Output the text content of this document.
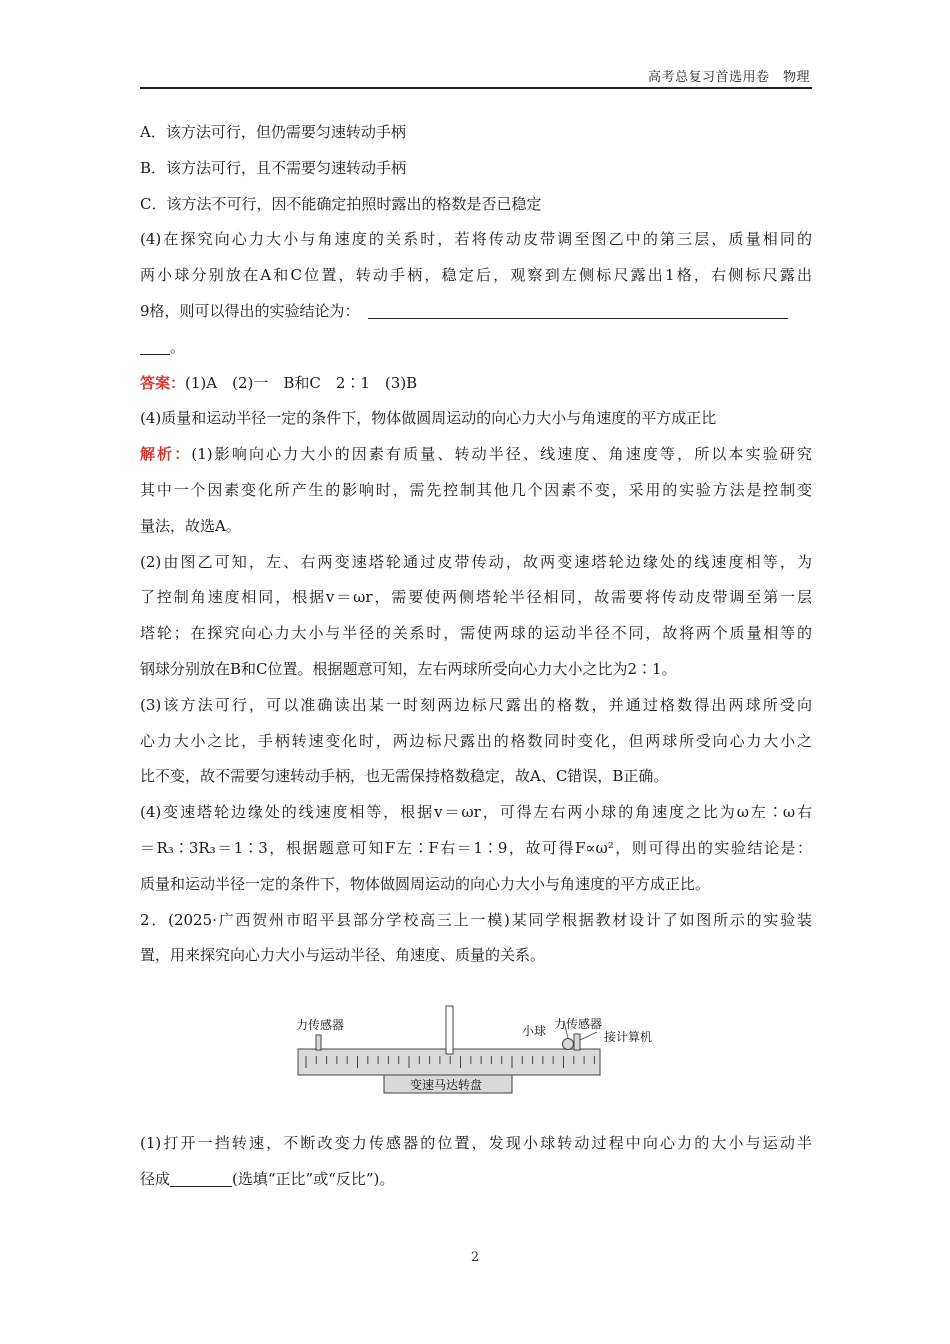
高考总复习首选用卷　物理
A．该方法可行，但仍需要匀速转动手柄
B．该方法可行，且不需要匀速转动手柄
C．该方法不可行，因不能确定拍照时露出的格数是否已稳定
(4)在探究向心力大小与角速度的关系时，若将传动皮带调至图乙中的第三层，质量相同的
两小球分别放在A和C位置，转动手柄，稳定后，观察到左侧标尺露出1格，右侧标尺露出
9格，则可以得出的实验结论为：
。
答案：(1)A　(2)一　B和C　2∶1　(3)B
(4)质量和运动半径一定的条件下，物体做圆周运动的向心力大小与角速度的平方成正比
解析：(1)影响向心力大小的因素有质量、转动半径、线速度、角速度等，所以本实验研究
其中一个因素变化所产生的影响时，需先控制其他几个因素不变，采用的实验方法是控制变
量法，故选A。
(2)由图乙可知，左、右两变速塔轮通过皮带传动，故两变速塔轮边缘处的线速度相等，为
了控制角速度相同，根据v＝ωr，需要使两侧塔轮半径相同，故需要将传动皮带调至第一层
塔轮；在探究向心力大小与半径的关系时，需使两球的运动半径不同，故将两个质量相等的
钢球分别放在B和C位置。根据题意可知，左右两球所受向心力大小之比为2∶1。
(3)该方法可行，可以准确读出某一时刻两边标尺露出的格数，并通过格数得出两球所受向
心力大小之比，手柄转速变化时，两边标尺露出的格数同时变化，但两球所受向心力大小之
比不变，故不需要匀速转动手柄，也无需保持格数稳定，故A、C错误，B正确。
(4)变速塔轮边缘处的线速度相等，根据v＝ωr，可得左右两小球的角速度之比为ω左∶ω右
＝R₃∶3R₃＝1∶3，根据题意可知F左∶F右＝1∶9，故可得F∝ω²，则可得出的实验结论是：
质量和运动半径一定的条件下，物体做圆周运动的向心力大小与角速度的平方成正比。
2．(2025·广西贺州市昭平县部分学校高三上一模)某同学根据教材设计了如图所示的实验装
置，用来探究向心力大小与运动半径、角速度、质量的关系。
力传感器	小球 力传感器
接计算机
变速马达转盘
(1)打开一挡转速，不断改变力传感器的位置，发现小球转动过程中向心力的大小与运动半
径成	(选填“正比”或“反比”)。
2
